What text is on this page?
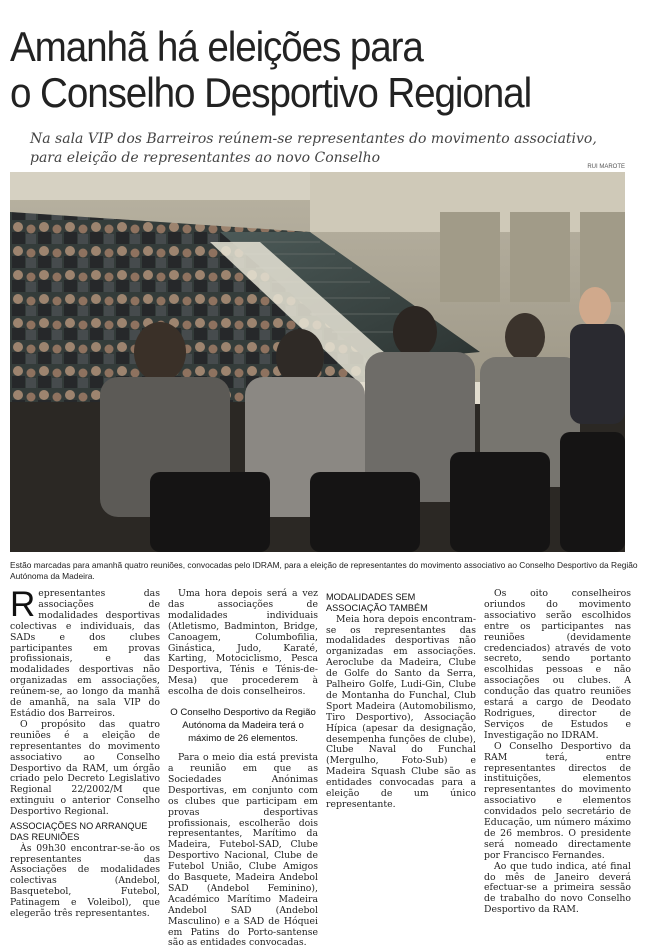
Amanhã há eleições para
o Conselho Desportivo Regional
Na sala VIP dos Barreiros reúnem-se representantes do movimento associativo, para eleição de representantes ao novo Conselho
RUI MAROTE
Estão marcadas para amanhã quatro reuniões, convocadas pelo IDRAM, para a eleição de representantes do movimento associativo ao Conselho Desportivo da Região Autónoma da Madeira.

Representantes das associações de modalidades desportivas colectivas e individuais, das SADs e dos clubes participantes em provas profissionais, e das modalidades desportivas não organizadas em associações, reúnem-se, ao longo da manhã de amanhã, na sala VIP do Estádio dos Barreiros.

O propósito das quatro reuniões é a eleição de representantes do movimento associativo ao Conselho Desportivo da RAM, um órgão criado pelo Decreto Legislativo Regional 22/2002/M que extinguiu o anterior Conselho Desportivo Regional.

ASSOCIAÇÕES NO ARRANQUE DAS REUNIÕES

Às 09h30 encontrar-se-ão os representantes das Associações de modalidades colectivas (Andebol, Basquetebol, Futebol, Patinagem e Voleibol), que elegerão três representantes.

Uma hora depois será a vez das associações de modalidades individuais (Atletismo, Badminton, Bridge, Canoagem, Columbofilia, Ginástica, Judo, Karaté, Karting, Motociclismo, Pesca Desportiva, Ténis e Ténis-de-Mesa) que procederem à escolha de dois conselheiros.

O Conselho Desportivo da Região Autónoma da Madeira terá o máximo de 26 elementos.

Para o meio dia está prevista a reunião em que as Sociedades Anónimas Desportivas, em conjunto com os clubes que participam em provas desportivas profissionais, escolherão dois representantes, Marítimo da Madeira, Futebol-SAD, Clube Desportivo Nacional, Clube de Futebol União, Clube Amigos do Basquete, Madeira Andebol SAD (Andebol Feminino), Académico Marítimo Madeira Andebol SAD (Andebol Masculino) e a SAD de Hóquei em Patins do Porto-santense são as entidades convocadas.

MODALIDADES SEM ASSOCIAÇÃO TAMBÉM

Meia hora depois encontram-se os representantes das modalidades desportivas não organizadas em associações. Aeroclube da Madeira, Clube de Golfe do Santo da Serra, Palheiro Golfe, Ludi-Gin, Clube de Montanha do Funchal, Club Sport Madeira (Automobilismo, Tiro Desportivo), Associação Hípica (apesar da designação, desempenha funções de clube), Clube Naval do Funchal (Mergulho, Foto-Sub) e Madeira Squash Clube são as entidades convocadas para a eleição de um único representante.

Os oito conselheiros oriundos do movimento associativo serão escolhidos entre os participantes nas reuniões (devidamente credenciados) através de voto secreto, sendo portanto escolhidas pessoas e não associações ou clubes. A condução das quatro reuniões estará a cargo de Deodato Rodrigues, director de Serviços de Estudos e Investigação no IDRAM.

O Conselho Desportivo da RAM terá, entre representantes directos de instituições, elementos representantes do movimento associativo e elementos convidados pelo secretário de Educação, um número máximo de 26 membros. O presidente será nomeado directamente por Francisco Fernandes.

Ao que tudo indica, até final do mês de Janeiro deverá efectuar-se a primeira sessão de trabalho do novo Conselho Desportivo da RAM.
